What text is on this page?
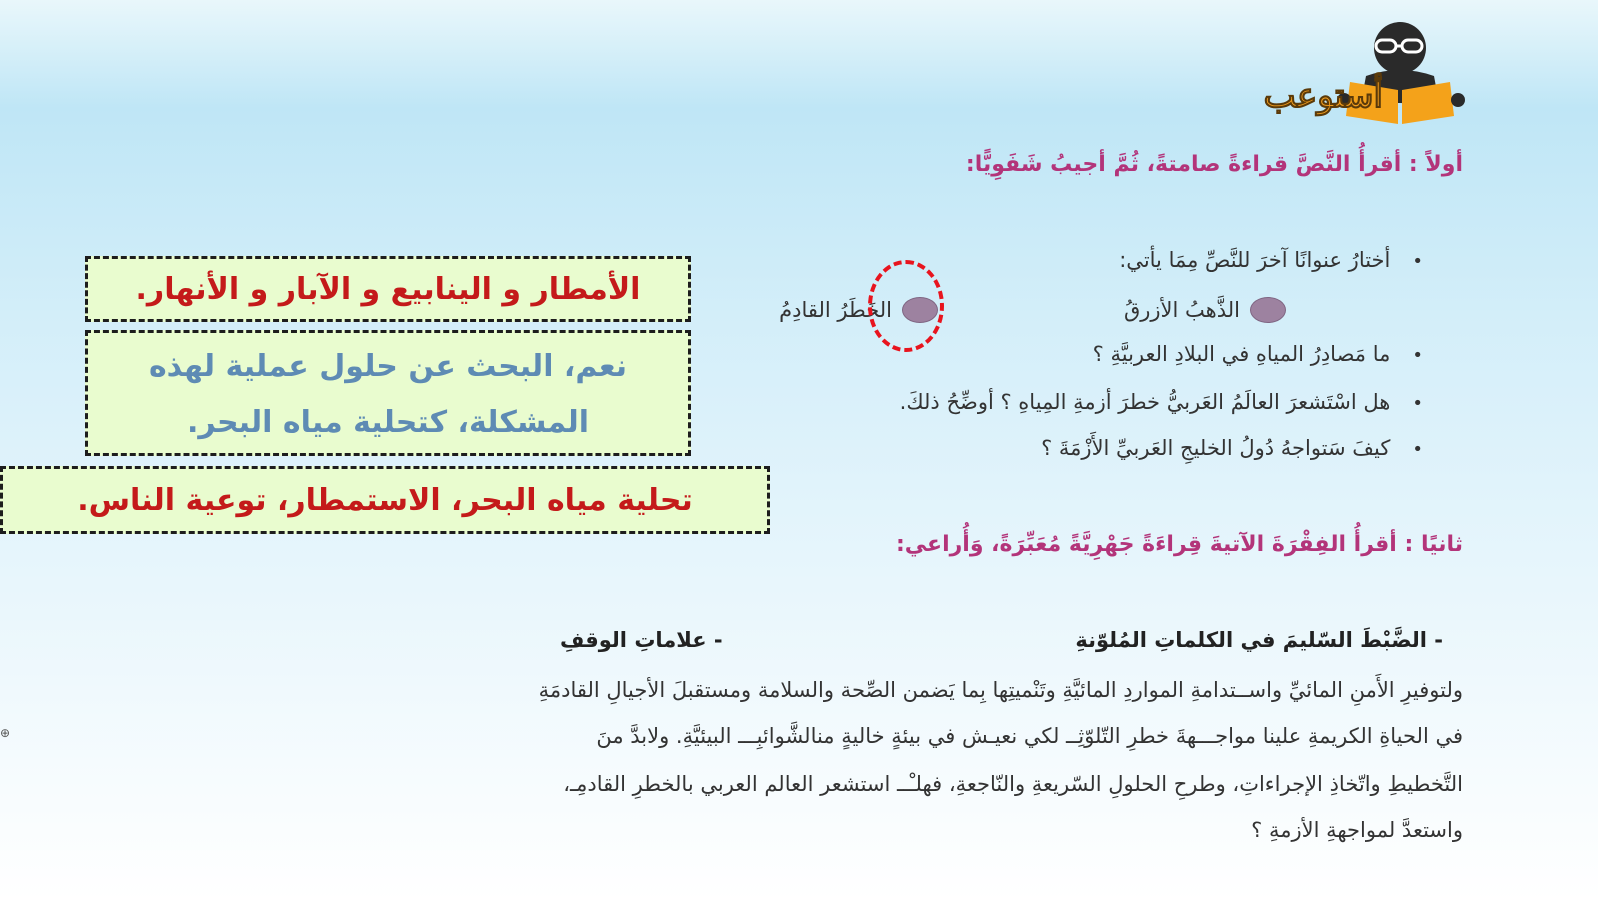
أستوعب
أولاً : أقرأُ النَّصَّ قراءةً صامتةً، ثُمَّ أجيبُ شَفَوِيًّا:
•أختارُ عنوانًا آخرَ للنَّصِّ مِمَا يأتي:
الذَّهبُ الأزرقُ
الخَطَرُ القادِمُ
•ما مَصادِرُ المياهِ في البلادِ العربيَّةِ ؟
•هل اسْتَشعرَ العالَمُ العَربيُّ خطرَ أزمةِ المِياهِ ؟ أوضِّحُ ذلكَ.
•كيفَ سَتواجهُ دُولُ الخليجِ العَربيِّ الأَزْمَةَ ؟
الأمطار و الينابيع و الآبار و الأنهار.
نعم، البحث عن حلول عملية لهذه
المشكلة، كتحلية مياه البحر.
تحلية مياه البحر، الاستمطار، توعية الناس.
ثانيًا : أقرأُ الفِقْرَةَ الآتيةَ قِراءَةً جَهْرِيَّةً مُعَبِّرَةً، وَأُراعي:
- الضَّبْطَ السّليمَ في الكلماتِ المُلوّنةِ
- علاماتِ الوقفِ
ولتوفيرِ الأَمنِ المائيِّ واســتدامةِ المواردِ المائيَّةِ وتَنْميتِها بِما يَضمن الصِّحة والسلامة ومستقبلَ الأجيالِ القادمَةِ
في الحياةِ الكريمةِ علينا مواجـــهةَ خطرِ التّلوّثِــ لكي نعيـش في بيئةٍ خاليةٍ منالشَّوائبِـــ البيئيَّةِ. ولابدَّ منَ
التَّخطيطِ واتّخاذِ الإجراءاتِ، وطرحِ الحلولِ السّريعةِ والنّاجعةِ، فهلـْــ استشعر العالم العربي بالخطرِ القادمِـ،
واستعدَّ لمواجهةِ الأزمةِ ؟
⊕
